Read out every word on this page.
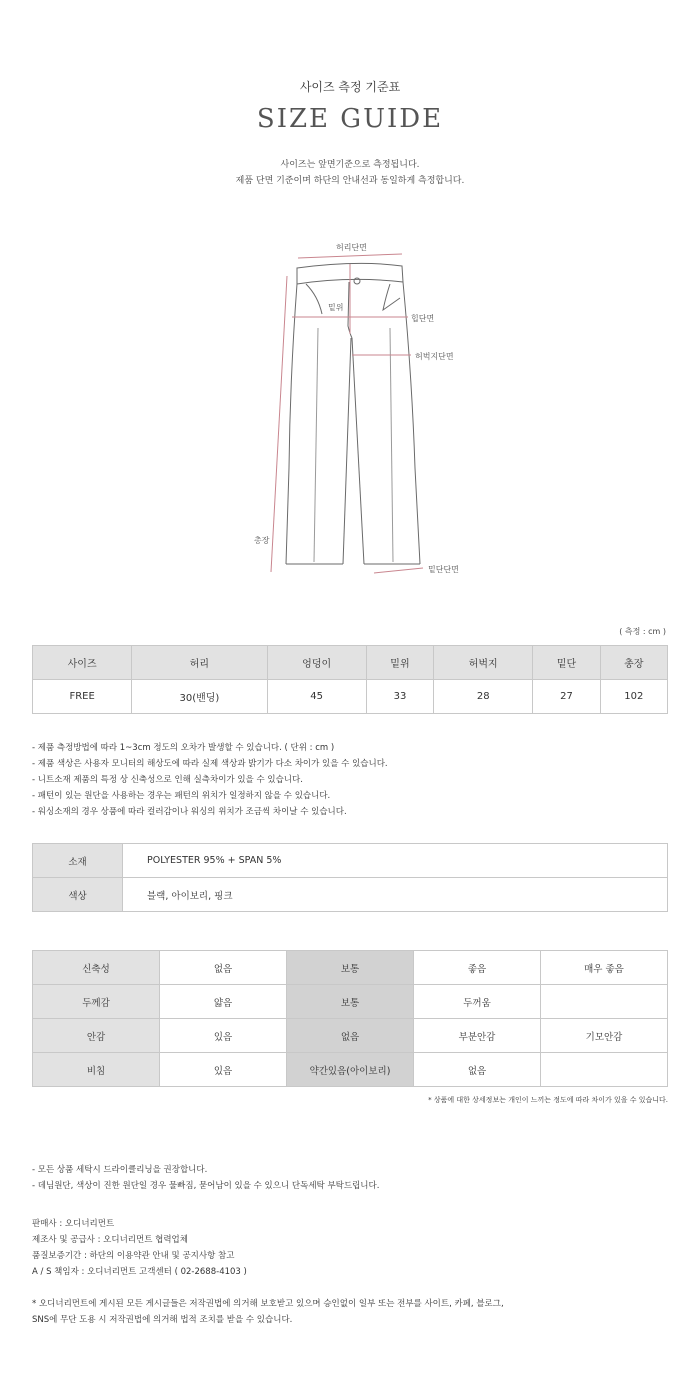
사이즈 측정 기준표
SIZE GUIDE
사이즈는 앞면기준으로 측정됩니다.
제품 단면 기준이며 하단의 안내선과 동일하게 측정합니다.
허리단면
밑위
힙단면
허벅지단면
총장
밑단단면
( 측정 : cm )
사이즈	허리	엉덩이	밑위	허벅지	밑단	총장
FREE	30(밴딩)	45	33	28	27	102
- 제품 측정방법에 따라 1~3cm 정도의 오차가 발생할 수 있습니다. ( 단위 : cm )
- 제품 색상은 사용자 모니터의 해상도에 따라 실제 색상과 밝기가 다소 차이가 있을 수 있습니다.
- 니트소재 제품의 특정 상 신축성으로 인해 실측차이가 있을 수 있습니다.
- 패턴이 있는 원단을 사용하는 경우는 패턴의 위치가 일정하지 않을 수 있습니다.
- 워싱소재의 경우 상품에 따라 컬러감이나 워싱의 위치가 조금씩 차이날 수 있습니다.
소재	POLYESTER 95% + SPAN 5%
색상	블랙, 아이보리, 핑크
신축성	없음	보통	좋음	매우 좋음
두께감	얇음	보통	두꺼움	
안감	있음	없음	부분안감	기모안감
비침	있음	약간있음(아이보리)	없음	
* 상품에 대한 상세정보는 개인이 느끼는 정도에 따라 차이가 있을 수 있습니다.
- 모든 상품 세탁시 드라이클리닝을 권장합니다.
- 데님원단, 색상이 진한 원단일 경우 물빠짐, 묻어남이 있을 수 있으니 단독세탁 부탁드립니다.
판매사 : 오디너리먼트
제조사 및 공급사 : 오디너리먼트 협력업체
품질보증기간 : 하단의 이용약관 안내 및 공지사항 참고
A / S 책임자 : 오디너리먼트 고객센터 ( 02-2688-4103 )
* 오디너리먼트에 게시된 모든 게시글들은 저작권법에 의거해 보호받고 있으며 승인없이 일부 또는 전부를 사이트, 카페, 블로그,
SNS에 무단 도용 시 저작권법에 의거해 법적 조치를 받을 수 있습니다.
